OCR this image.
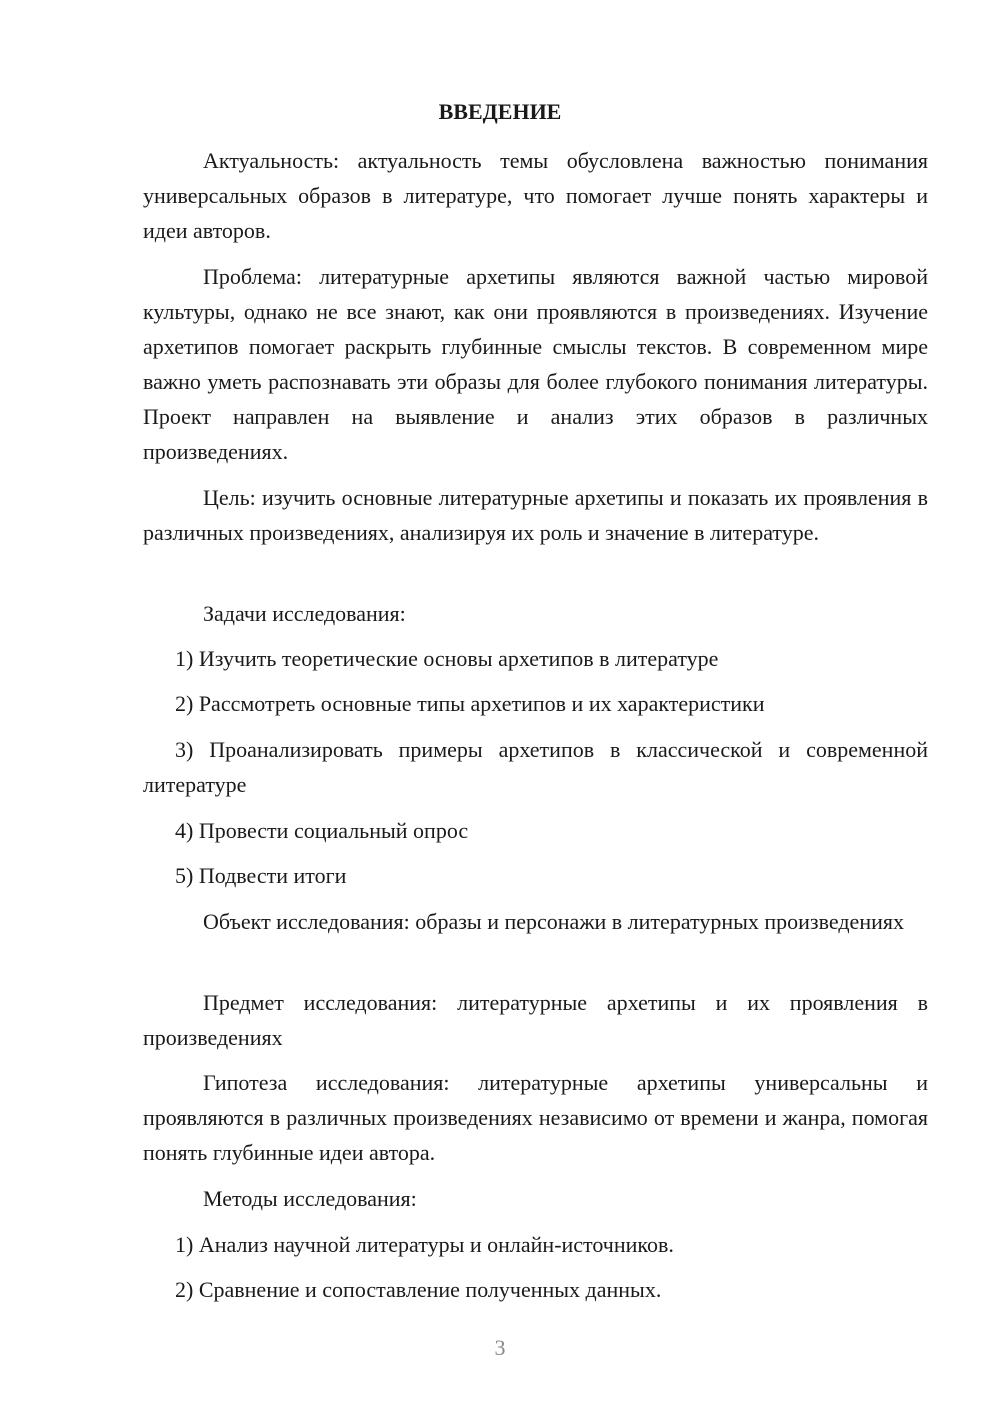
ВВЕДЕНИЕ

Актуальность: актуальность темы обусловлена важностью понимания универсальных образов в литературе, что помогает лучше понять характеры и идеи авторов.

Проблема: литературные архетипы являются важной частью мировой культуры, однако не все знают, как они проявляются в произведениях. Изучение архетипов помогает раскрыть глубинные смыслы текстов. В современном мире важно уметь распознавать эти образы для более глубокого понимания литературы. Проект направлен на выявление и анализ этих образов в различных произведениях.

Цель: изучить основные литературные архетипы и показать их проявления в различных произведениях, анализируя их роль и значение в литературе.

Задачи исследования:

1) Изучить теоретические основы архетипов в литературе

2) Рассмотреть основные типы архетипов и их характеристики

3) Проанализировать примеры архетипов в классической и современной литературе

4) Провести социальный опрос

5) Подвести итоги

Объект исследования: образы и персонажи в литературных произведениях

Предмет исследования: литературные архетипы и их проявления в произведениях

Гипотеза исследования: литературные архетипы универсальны и проявляются в различных произведениях независимо от времени и жанра, помогая понять глубинные идеи автора.

Методы исследования:

1) Анализ научной литературы и онлайн-источников.

2) Сравнение и сопоставление полученных данных.

3
